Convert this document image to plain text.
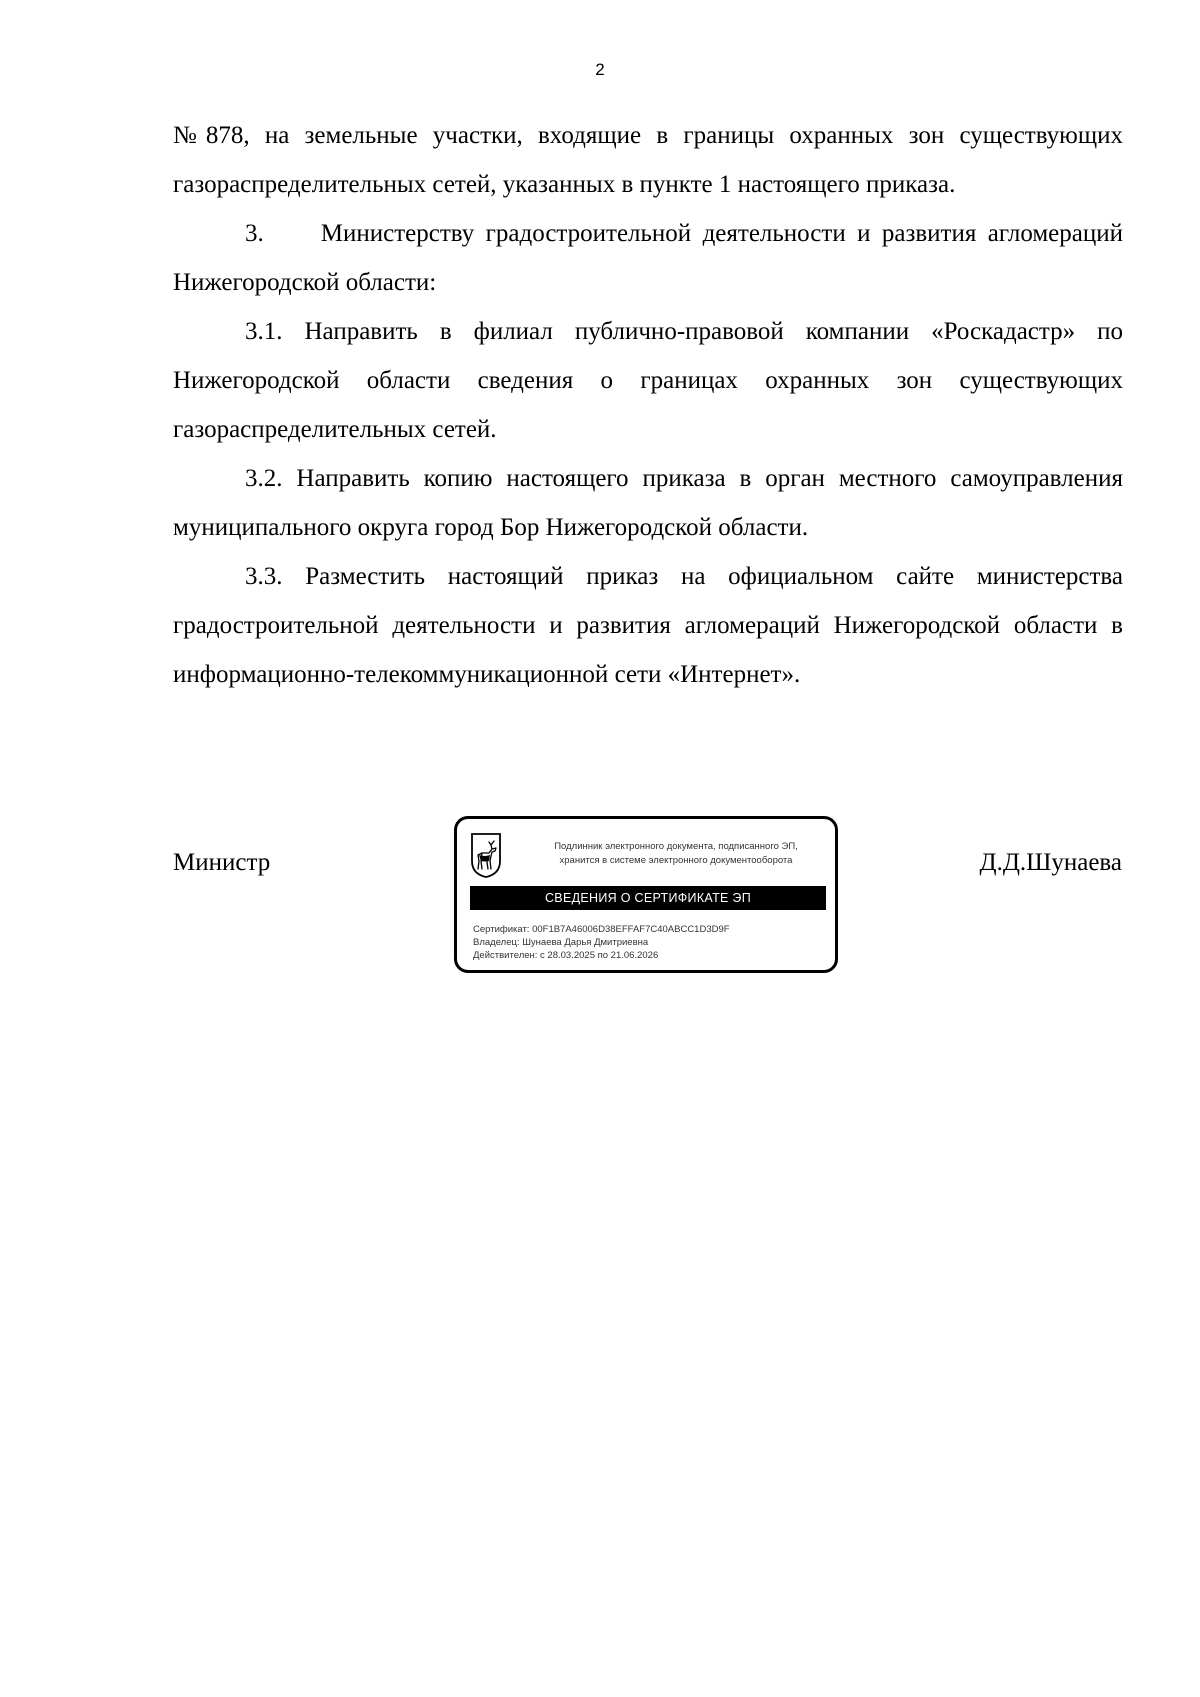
2

№878, на земельные участки, входящие в границы охранных зон существующих газораспределительных сетей, указанных в пункте 1 настоящего приказа.

3.     Министерству градостроительной деятельности и развития агломераций Нижегородской области:

3.1. Направить в филиал публично-правовой компании «Роскадастр» по Нижегородской области сведения о границах охранных зон существующих газораспределительных сетей.

3.2. Направить копию настоящего приказа в орган местного самоуправления муниципального округа город Бор Нижегородской области.

3.3. Разместить настоящий приказ на официальном сайте министерства градостроительной деятельности и развития агломераций Нижегородской области в информационно-телекоммуникационной сети «Интернет».

Министр
Подлинник электронного документа, подписанного ЭП,
хранится в системе электронного документооборота
СВЕДЕНИЯ О СЕРТИФИКАТЕ ЭП
Сертификат: 00F1B7A46006D38EFFAF7C40ABCC1D3D9F
Владелец: Шунаева Дарья Дмитриевна
Действителен: с 28.03.2025 по 21.06.2026
Д.Д.Шунаева
